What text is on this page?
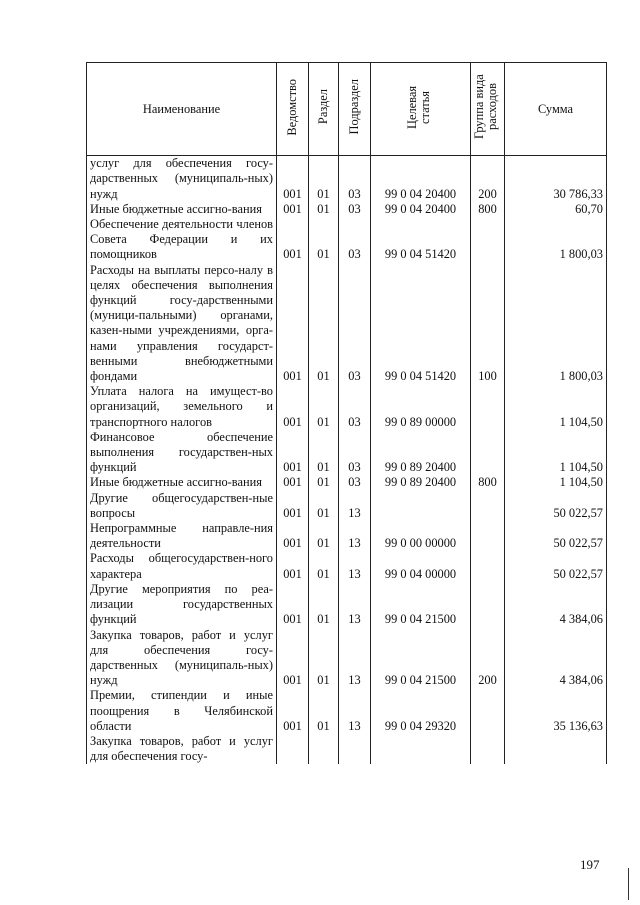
Наименование	Ведомство	Раздел	Подраздел	Целевая статья	Группа вида расходов	Сумма
услуг для обеспечения госу-дарственных (муниципаль-ных) нужд	001	01	03	99 0 04 20400	200	30 786,33
Иные бюджетные ассигно-вания	001	01	03	99 0 04 20400	800	60,70
Обеспечение деятельности членов Совета Федерации и их помощников	001	01	03	99 0 04 51420		1 800,03
Расходы на выплаты персо-налу в целях обеспечения выполнения функций госу-дарственными (муници-пальными) органами, казен-ными учреждениями, орга-нами управления государст-венными внебюджетными фондами	001	01	03	99 0 04 51420	100	1 800,03
Уплата налога на имущест-во организаций, земельного и транспортного налогов	001	01	03	99 0 89 00000		1 104,50
Финансовое обеспечение выполнения государствен-ных функций	001	01	03	99 0 89 20400		1 104,50
Иные бюджетные ассигно-вания	001	01	03	99 0 89 20400	800	1 104,50
Другие общегосударствен-ные вопросы	001	01	13			50 022,57
Непрограммные направле-ния деятельности	001	01	13	99 0 00 00000		50 022,57
Расходы общегосударствен-ного характера	001	01	13	99 0 04 00000		50 022,57
Другие мероприятия по реа-лизации государственных функций	001	01	13	99 0 04 21500		4 384,06
Закупка товаров, работ и услуг для обеспечения госу-дарственных (муниципаль-ных) нужд	001	01	13	99 0 04 21500	200	4 384,06
Премии, стипендии и иные поощрения в Челябинской области	001	01	13	99 0 04 29320		35 136,63
Закупка товаров, работ и услуг для обеспечения госу-						
197
